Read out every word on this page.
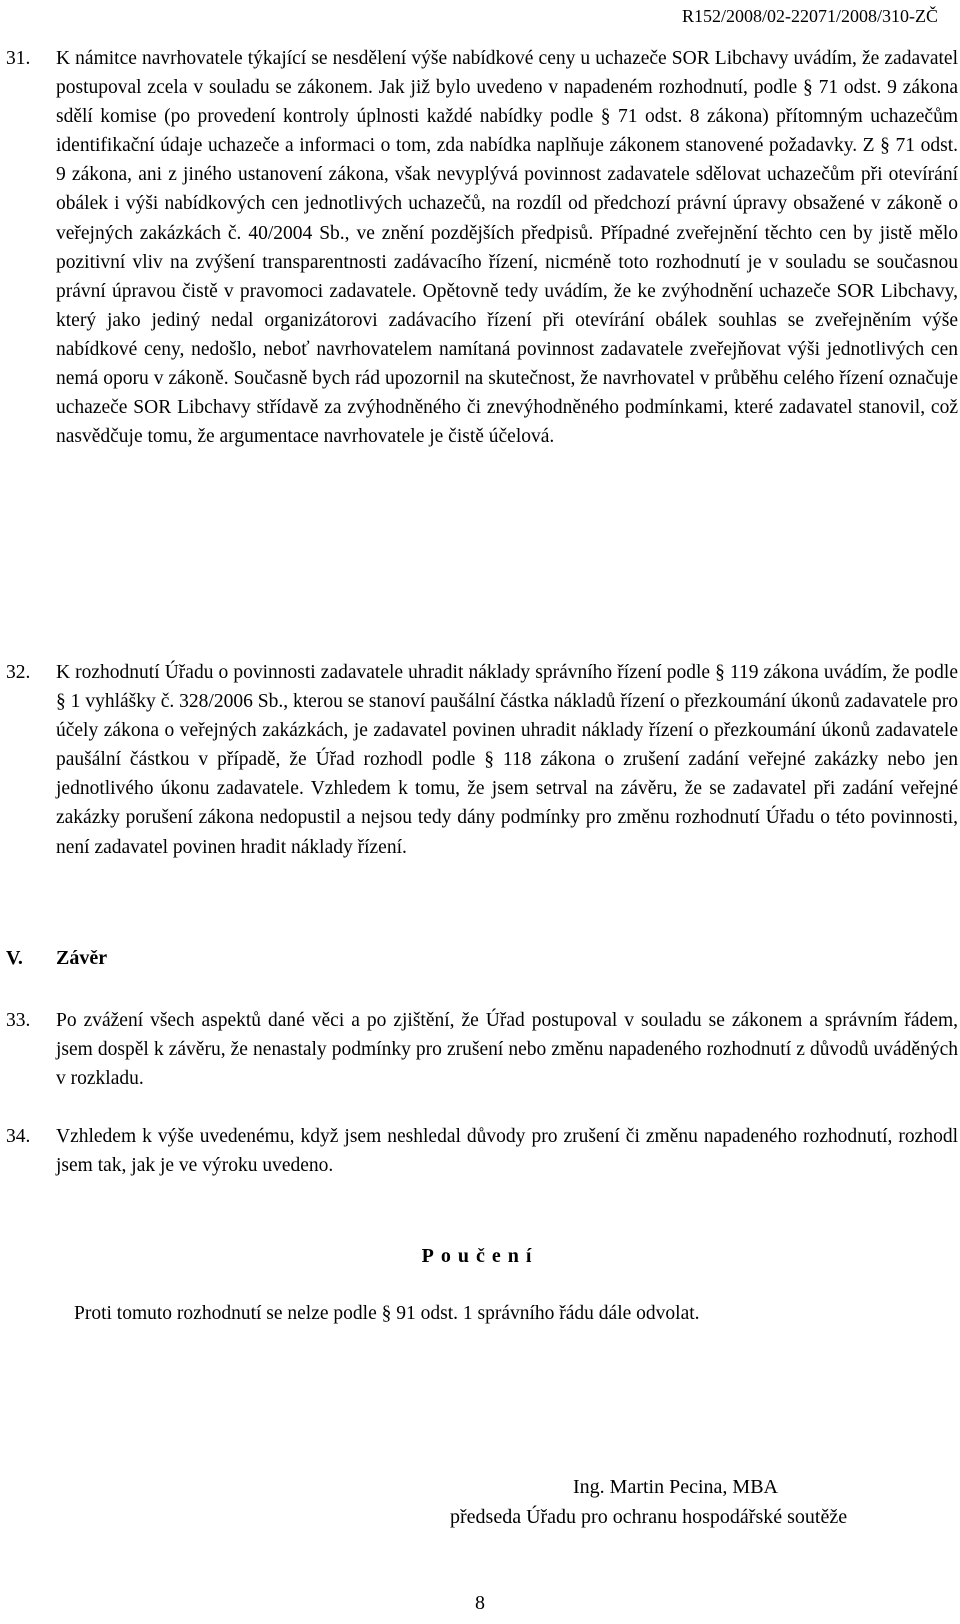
R152/2008/02-22071/2008/310-ZČ

31. K námitce navrhovatele týkající se nesdělení výše nabídkové ceny u uchazeče SOR Libchavy uvádím, že zadavatel postupoval zcela v souladu se zákonem. Jak již bylo uvedeno v napadeném rozhodnutí, podle § 71 odst. 9 zákona sdělí komise (po provedení kontroly úplnosti každé nabídky podle § 71 odst. 8 zákona) přítomným uchazečům identifikační údaje uchazeče a informaci o tom, zda nabídka naplňuje zákonem stanovené požadavky. Z § 71 odst. 9 zákona, ani z jiného ustanovení zákona, však nevyplývá povinnost zadavatele sdělovat uchazečům při otevírání obálek i výši nabídkových cen jednotlivých uchazečů, na rozdíl od předchozí právní úpravy obsažené v zákoně o veřejných zakázkách č. 40/2004 Sb., ve znění pozdějších předpisů. Případné zveřejnění těchto cen by jistě mělo pozitivní vliv na zvýšení transparentnosti zadávacího řízení, nicméně toto rozhodnutí je v souladu se současnou právní úpravou čistě v pravomoci zadavatele. Opětovně tedy uvádím, že ke zvýhodnění uchazeče SOR Libchavy, který jako jediný nedal organizátorovi zadávacího řízení při otevírání obálek souhlas se zveřejněním výše nabídkové ceny, nedošlo, neboť navrhovatelem namítaná povinnost zadavatele zveřejňovat výši jednotlivých cen nemá oporu v zákoně. Současně bych rád upozornil na skutečnost, že navrhovatel v průběhu celého řízení označuje uchazeče SOR Libchavy střídavě za zvýhodněného či znevýhodněného podmínkami, které zadavatel stanovil, což nasvědčuje tomu, že argumentace navrhovatele je čistě účelová.

32. K rozhodnutí Úřadu o povinnosti zadavatele uhradit náklady správního řízení podle § 119 zákona uvádím, že podle § 1 vyhlášky č. 328/2006 Sb., kterou se stanoví paušální částka nákladů řízení o přezkoumání úkonů zadavatele pro účely zákona o veřejných zakázkách, je zadavatel povinen uhradit náklady řízení o přezkoumání úkonů zadavatele paušální částkou v případě, že Úřad rozhodl podle § 118 zákona o zrušení zadání veřejné zakázky nebo jen jednotlivého úkonu zadavatele. Vzhledem k tomu, že jsem setrval na závěru, že se zadavatel při zadání veřejné zakázky porušení zákona nedopustil a nejsou tedy dány podmínky pro změnu rozhodnutí Úřadu o této povinnosti, není zadavatel povinen hradit náklady řízení.

V. Závěr

33. Po zvážení všech aspektů dané věci a po zjištění, že Úřad postupoval v souladu se zákonem a správním řádem, jsem dospěl k závěru, že nenastaly podmínky pro zrušení nebo změnu napadeného rozhodnutí z důvodů uváděných v rozkladu.

34. Vzhledem k výše uvedenému, když jsem neshledal důvody pro zrušení či změnu napadeného rozhodnutí, rozhodl jsem tak, jak je ve výroku uvedeno.

Poučení
Proti tomuto rozhodnutí se nelze podle § 91 odst. 1 správního řádu dále odvolat.
Ing. Martin Pecina, MBA
předseda Úřadu pro ochranu hospodářské soutěže
8
